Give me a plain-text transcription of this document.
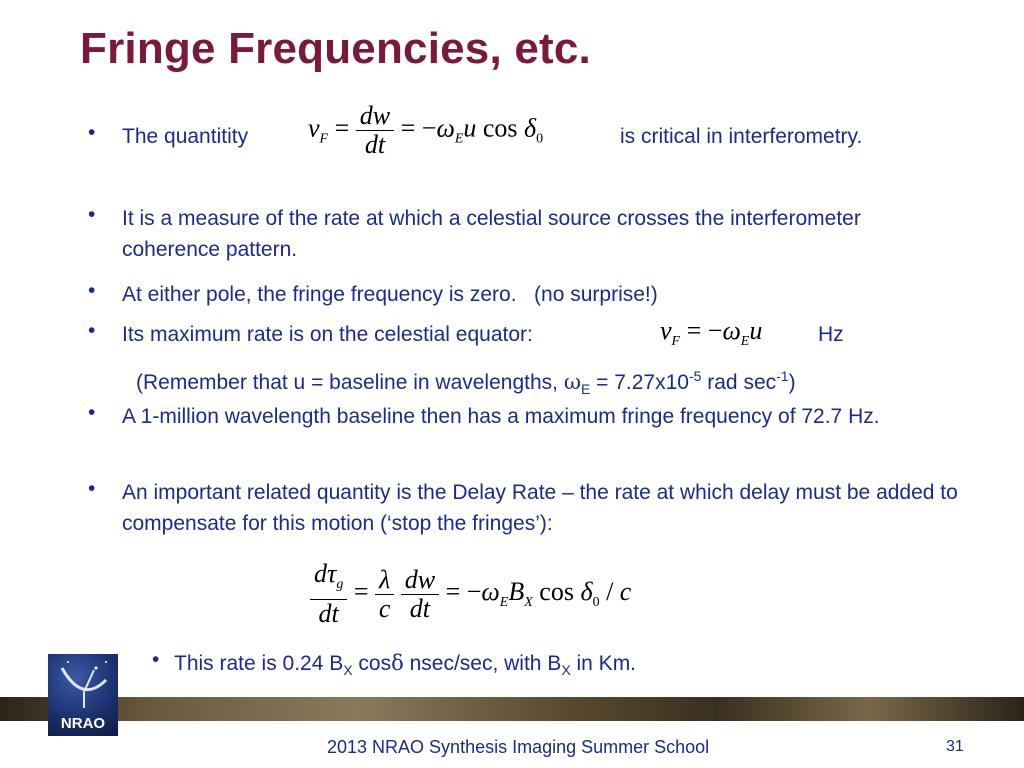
Fringe Frequencies, etc.
• The quantitity	$\nu_F = \frac{dw}{dt} = -\omega_Eu$ $\cos \delta_0$	is critical in interferometry.
• It is a measure of the rate at which a celestial source crosses the interferometer coherence pattern.
• At either pole, the fringe frequency is zero.   (no surprise!)
• Its maximum rate is on the celestial equator:	$\nu_F = -\omega_Eu$	Hz
(Remember that u = baseline in wavelengths, $\omega_E = 7.27x10^{-5}$ rad $\sec^{-1}$)
• A 1-million wavelength baseline then has a maximum fringe frequency of 72.7 Hz.
• An important related quantity is the Delay Rate – the rate at which delay must be added to compensate for this motion (‘stop the fringes’):
$\frac{d\tau_g}{dt} = \frac{\lambda}{c}$
$\frac{dw}{dt} = -\omega_EB_X$ $\cos \delta_0$ / c
• This rate is 0.24 $B_X$ cosδ nsec/sec, with $B_X$ in Km.
NRAO
2013 NRAO Synthesis Imaging Summer School	31
